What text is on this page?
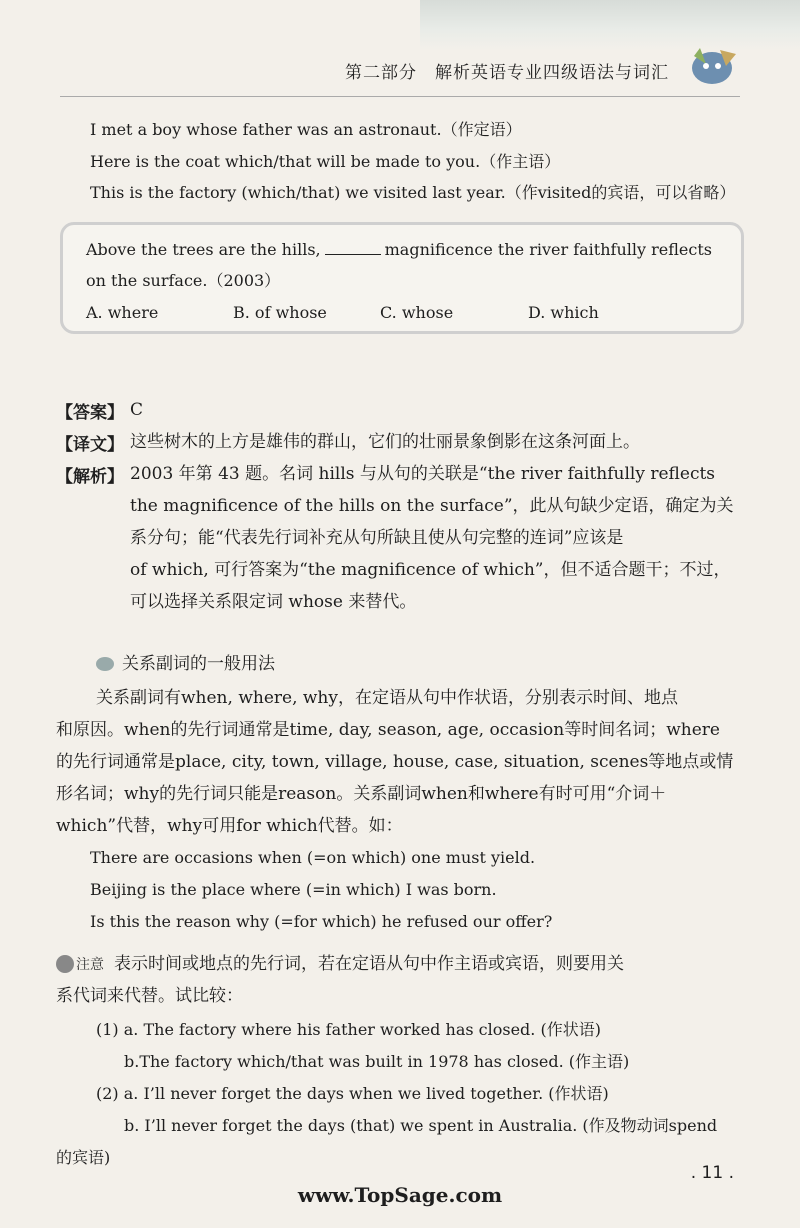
第二部分　解析英语专业四级语法与词汇
I met a boy whose father was an astronaut.（作定语）
Here is the coat which/that will be made to you.（作主语）
This is the factory (which/that) we visited last year.（作visited的宾语，可以省略）
Above the trees are the hills,	magnificence the river faithfully reflects
on the surface.（2003）
A. where	B. of whose	C. whose	D. which
【答案】 C
【译文】 这些树木的上方是雄伟的群山，它们的壮丽景象倒影在这条河面上。
【解析】 2003 年第 43 题。名词 hills 与从句的关联是“the river faithfully reflects
the magnificence of the hills on the surface”，此从句缺少定语，确定为关
系分句；能“代表先行词补充从句所缺且使从句完整的连词”应该是
of which, 可行答案为“the magnificence of which”，但不适合题干；不过，
可以选择关系限定词 whose 来替代。
关系副词的一般用法
关系副词有when, where, why，在定语从句中作状语，分别表示时间、地点
和原因。when的先行词通常是time, day, season, age, occasion等时间名词；where
的先行词通常是place, city, town, village, house, case, situation, scenes等地点或情
形名词；why的先行词只能是reason。关系副词when和where有时可用“介词＋
which”代替，why可用for which代替。如：
There are occasions when (=on which) one must yield.
Beijing is the place where (=in which) I was born.
Is this the reason why (=for which) he refused our offer?
注意 表示时间或地点的先行词，若在定语从句中作主语或宾语，则要用关
系代词来代替。试比较：
(1) a. The factory where his father worked has closed. (作状语)
b.The factory which/that was built in 1978 has closed. (作主语)
(2) a. I’ll never forget the days when we lived together. (作状语)
b. I’ll never forget the days (that) we spent in Australia. (作及物动词spend
的宾语)
. 11 .
www.TopSage.com
